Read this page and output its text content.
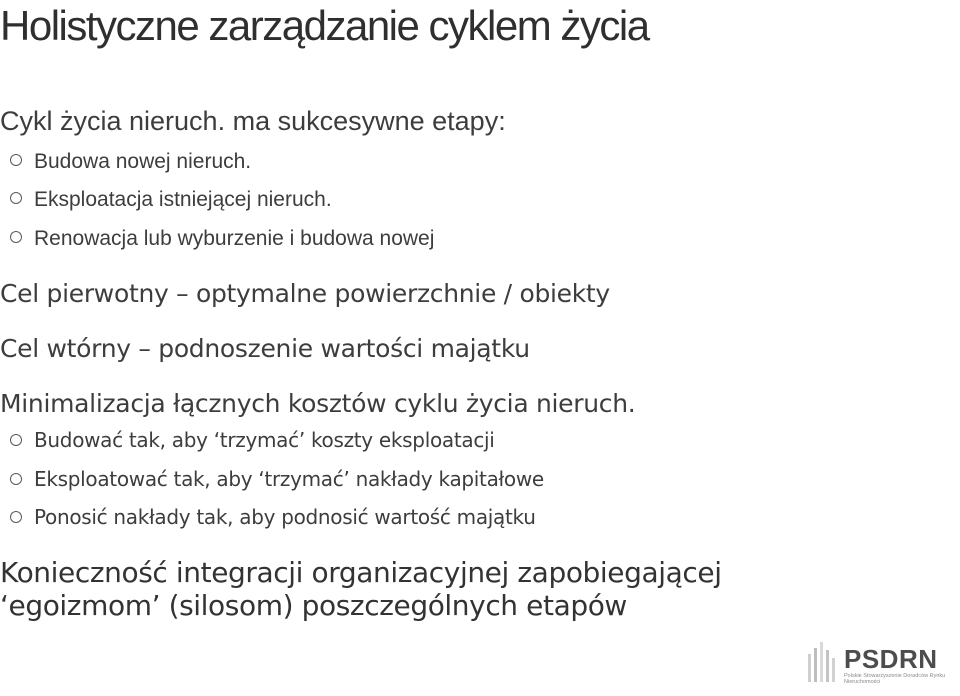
Holistyczne zarządzanie cyklem życia

Cykl życia nieruch. ma sukcesywne etapy:

Budowa nowej nieruch.

Eksploatacja istniejącej nieruch.

Renowacja lub wyburzenie i budowa nowej

Cel pierwotny – optymalne powierzchnie / obiekty

Cel wtórny – podnoszenie wartości majątku

Minimalizacja łącznych kosztów cyklu życia nieruch.

Budować tak, aby ‘trzymać’ koszty eksploatacji

Eksploatować tak, aby ‘trzymać’ nakłady kapitałowe

Ponosić nakłady tak, aby podnosić wartość majątku

Konieczność integracji organizacyjnej zapobiegającej

‘egoizmom’ (silosom) poszczególnych etapów

PSDRN
Polskie Stowarzyszenie Doradców Rynku Nieruchomości
